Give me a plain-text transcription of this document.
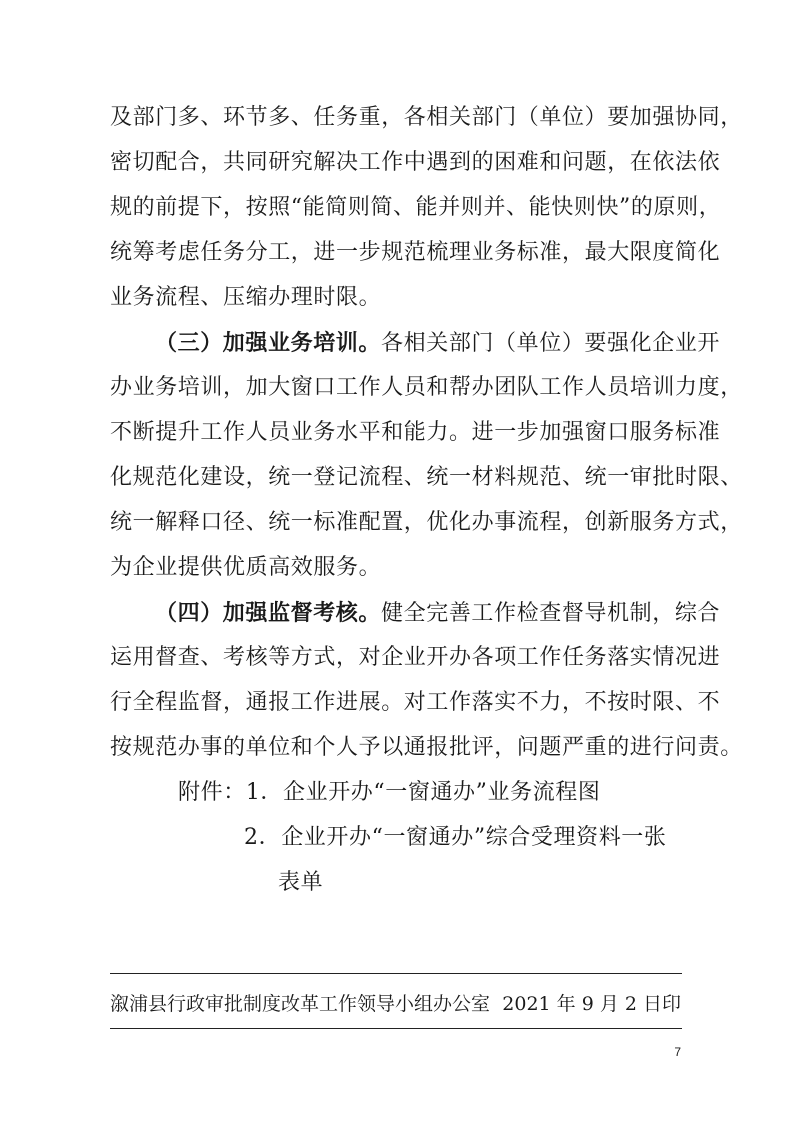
及部门多、环节多、任务重，各相关部门（单位）要加强协同，
密切配合，共同研究解决工作中遇到的困难和问题，在依法依
规的前提下，按照“能简则简、能并则并、能快则快”的原则，
统筹考虑任务分工，进一步规范梳理业务标准，最大限度简化
业务流程、压缩办理时限。
（三）加强业务培训。各相关部门（单位）要强化企业开
办业务培训，加大窗口工作人员和帮办团队工作人员培训力度，
不断提升工作人员业务水平和能力。进一步加强窗口服务标准
化规范化建设，统一登记流程、统一材料规范、统一审批时限、
统一解释口径、统一标准配置，优化办事流程，创新服务方式，
为企业提供优质高效服务。
（四）加强监督考核。健全完善工作检查督导机制，综合
运用督查、考核等方式，对企业开办各项工作任务落实情况进
行全程监督，通报工作进展。对工作落实不力，不按时限、不
按规范办事的单位和个人予以通报批评，问题严重的进行问责。
附件：1．企业开办“一窗通办”业务流程图
2．企业开办“一窗通办”综合受理资料一张
表单
溆浦县行政审批制度改革工作领导小组办公室 2021 年 9 月 2 日印
7
